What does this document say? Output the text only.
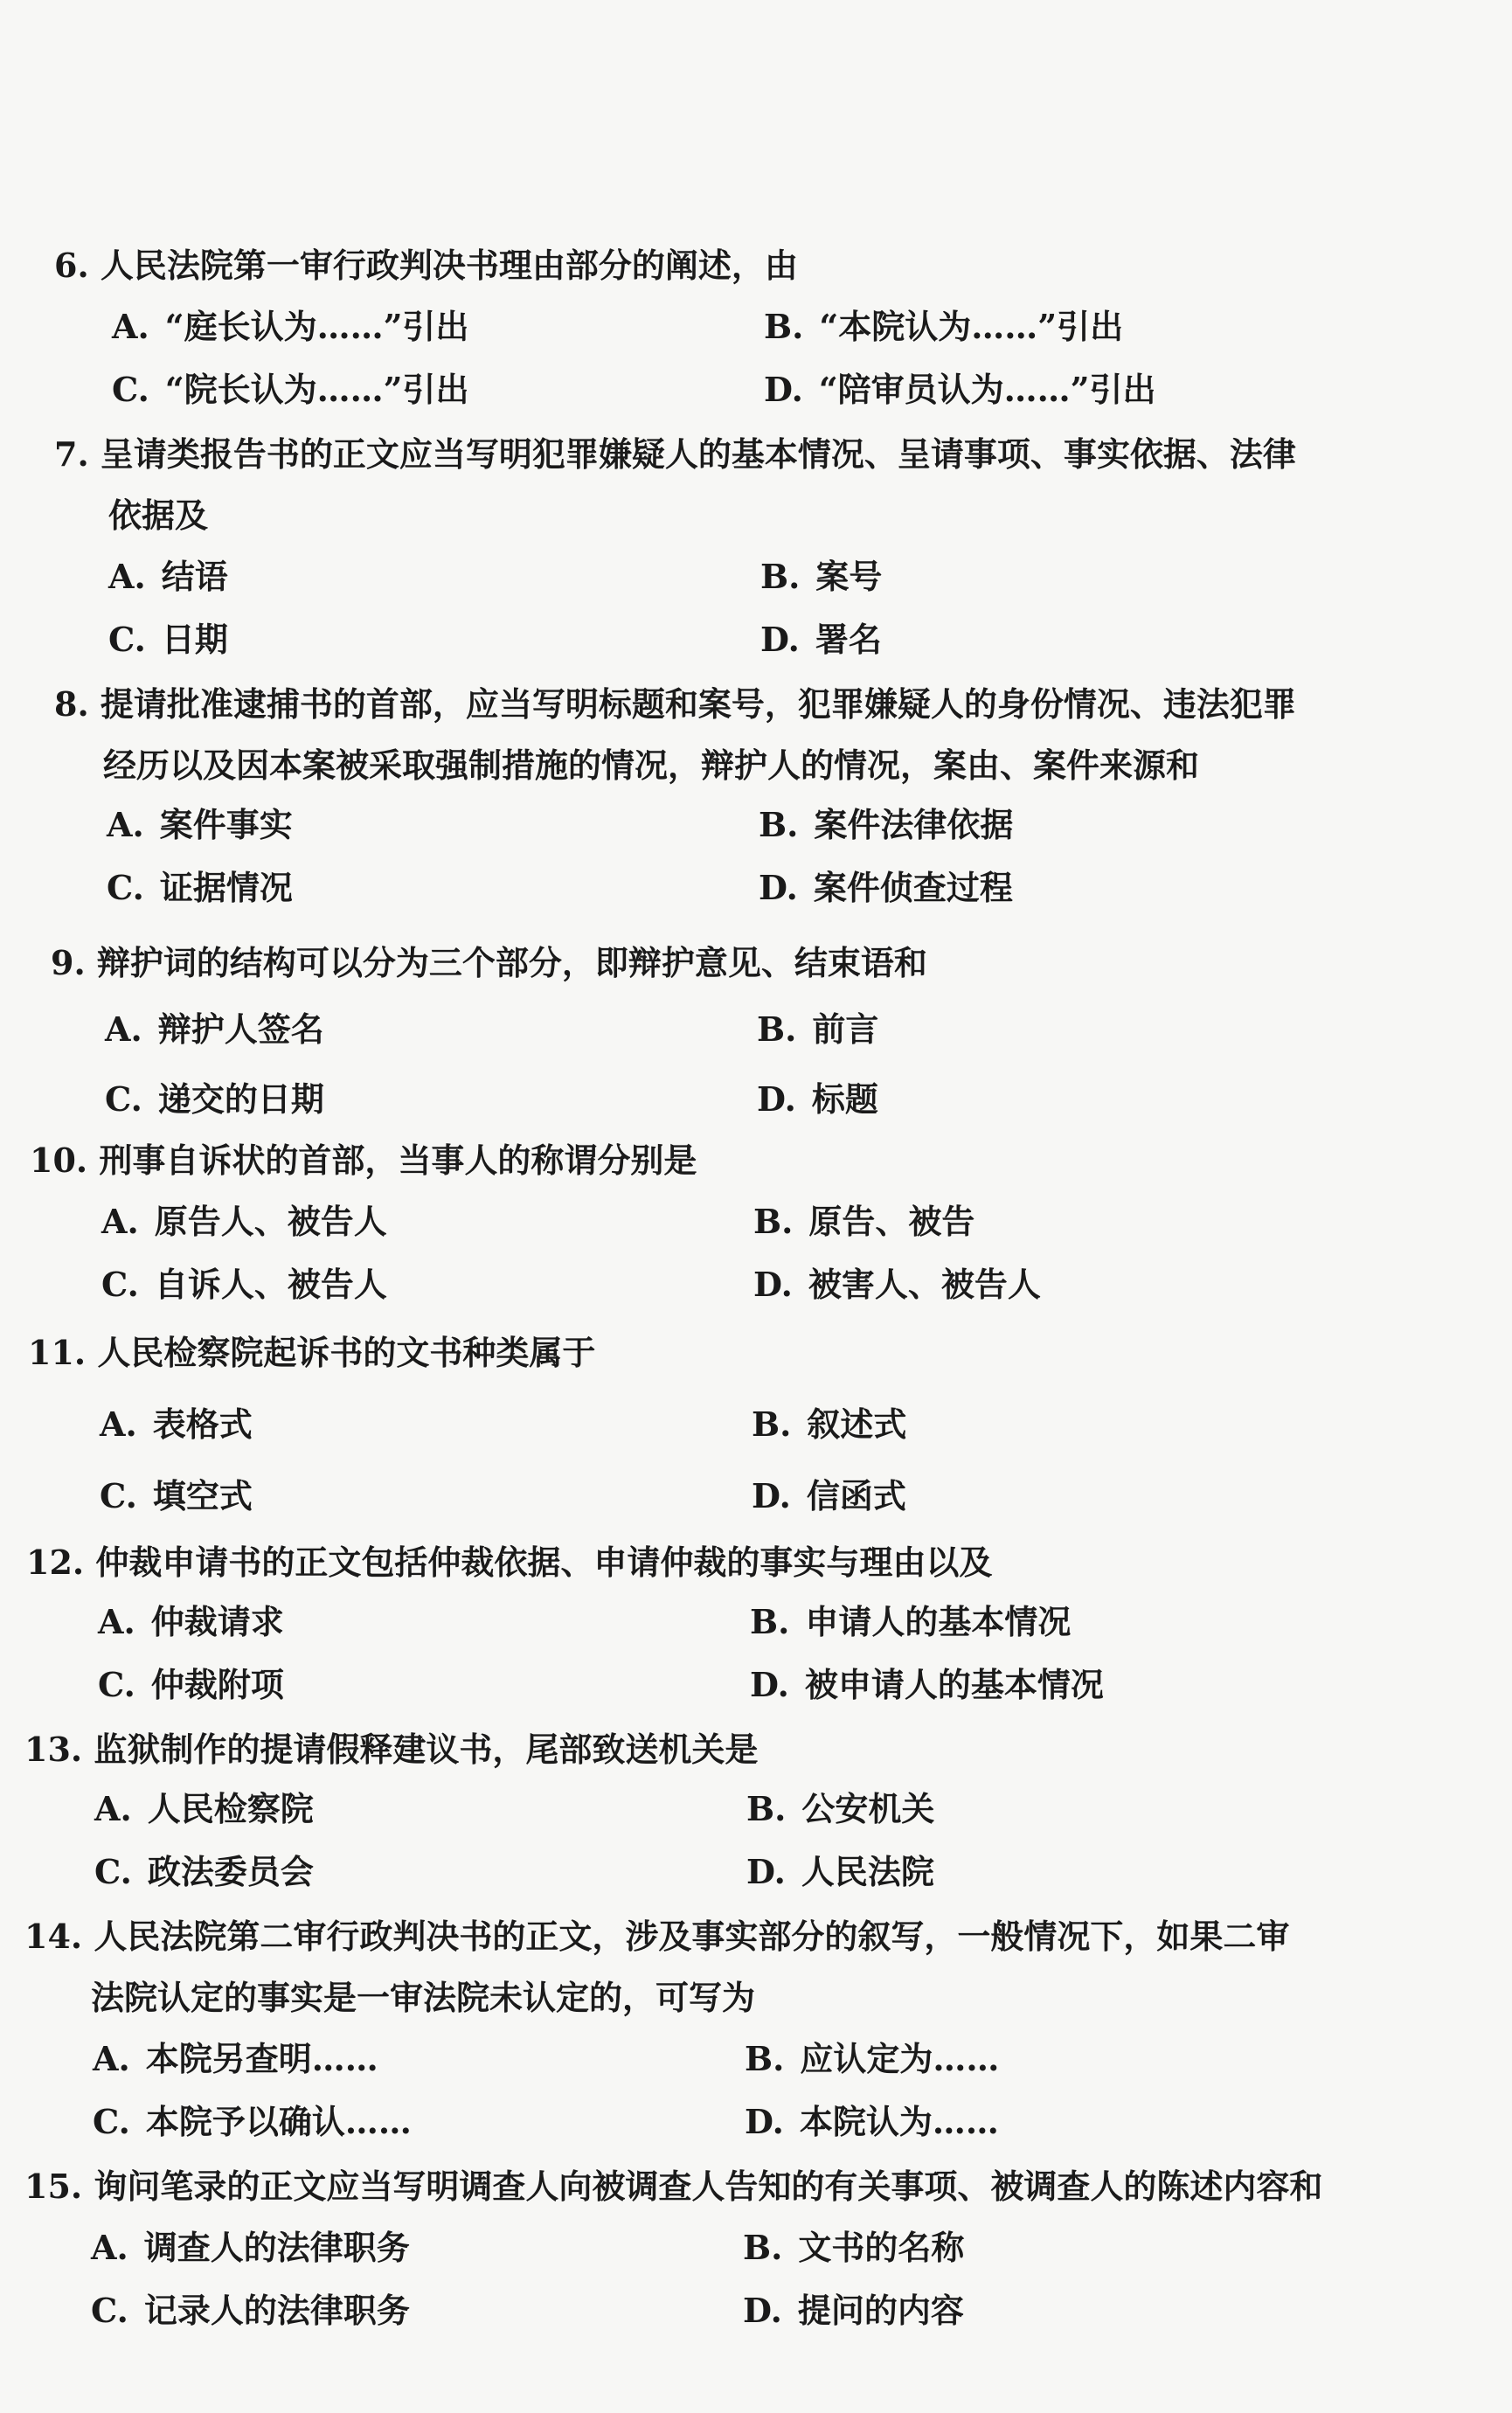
6. 人民法院第一审行政判决书理由部分的阐述，由
A. “庭长认为……”引出	B. “本院认为……”引出
C. “院长认为……”引出	D. “陪审员认为……”引出
7. 呈请类报告书的正文应当写明犯罪嫌疑人的基本情况、呈请事项、事实依据、法律
依据及
A. 结语	B. 案号
C. 日期	D. 署名
8. 提请批准逮捕书的首部，应当写明标题和案号，犯罪嫌疑人的身份情况、违法犯罪
经历以及因本案被采取强制措施的情况，辩护人的情况，案由、案件来源和
A. 案件事实	B. 案件法律依据
C. 证据情况	D. 案件侦查过程
9. 辩护词的结构可以分为三个部分，即辩护意见、结束语和
A. 辩护人签名	B. 前言
C. 递交的日期	D. 标题
10. 刑事自诉状的首部，当事人的称谓分别是
A. 原告人、被告人	B. 原告、被告
C. 自诉人、被告人	D. 被害人、被告人
11. 人民检察院起诉书的文书种类属于
A. 表格式	B. 叙述式
C. 填空式	D. 信函式
12. 仲裁申请书的正文包括仲裁依据、申请仲裁的事实与理由以及
A. 仲裁请求	B. 申请人的基本情况
C. 仲裁附项	D. 被申请人的基本情况
13. 监狱制作的提请假释建议书，尾部致送机关是
A. 人民检察院	B. 公安机关
C. 政法委员会	D. 人民法院
14. 人民法院第二审行政判决书的正文，涉及事实部分的叙写，一般情况下，如果二审
法院认定的事实是一审法院未认定的，可写为
A. 本院另查明……	B. 应认定为……
C. 本院予以确认……	D. 本院认为……
15. 询问笔录的正文应当写明调查人向被调查人告知的有关事项、被调查人的陈述内容和
A. 调查人的法律职务	B. 文书的名称
C. 记录人的法律职务	D. 提问的内容
